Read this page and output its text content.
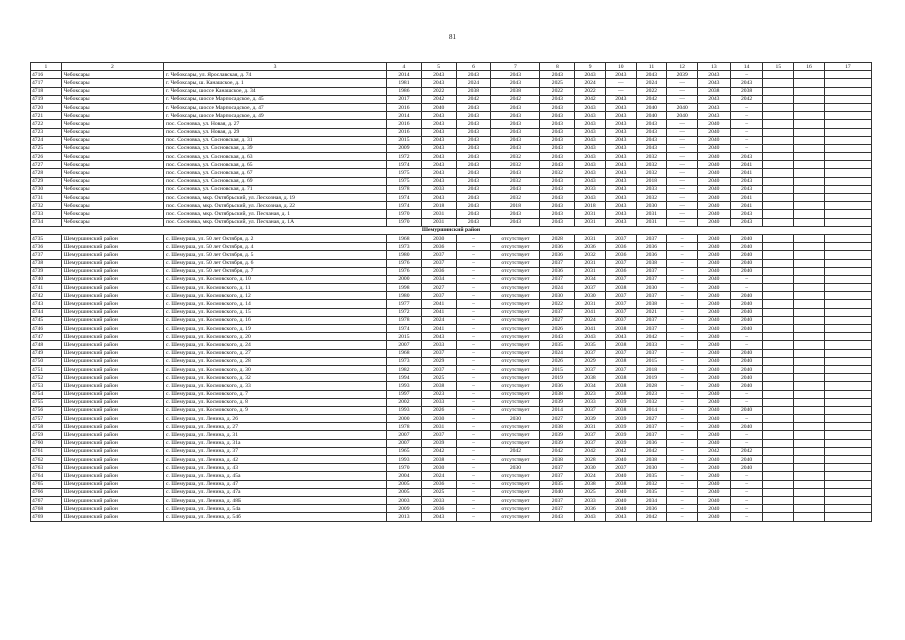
81
1	2	3	4	5	6	7	8	9	10	11	12	13	14	15	16	17
4716	Чебоксары	г. Чебоксары, ул. Ярославская, д. 74	2014	2043	2043	2043	2043	2043	2043	2043	2039	2043	–			
4717	Чебоксары	г. Чебоксары, ш. Канашское, д. 1	1981	2043	2024	2043	2025	2024	—	2024	—	2043	2043			
4718	Чебоксары	г. Чебоксары, шоссе Канашское, д. 34	1986	2022	2038	2038	2022	2022	—	2022	—	2038	2038			
4719	Чебоксары	г. Чебоксары, шоссе Марпосадское, д. 45	2017	2042	2042	2042	2043	2042	2043	2042	—	2043	2042			
4720	Чебоксары	г. Чебоксары, шоссе Марпосадское, д. 47	2016	2040	2043	2043	2043	2043	2043	2040	2040	2043	–			
4721	Чебоксары	г. Чебоксары, шоссе Марпосадское, д. 49	2014	2043	2043	2043	2043	2043	2043	2040	2040	2043	–			
4722	Чебоксары	пос. Сосновка, ул. Новая, д. 27	2016	2043	2043	2043	2043	2043	2043	2043	—	2040	–			
4723	Чебоксары	пос. Сосновка, ул. Новая, д. 29	2016	2043	2043	2043	2043	2043	2043	2043	—	2040	–			
4724	Чебоксары	пос. Сосновка, ул. Сосновская, д. 31	2015	2043	2043	2043	2043	2043	2043	2043	—	2040	–			
4725	Чебоксары	пос. Сосновка, ул. Сосновская, д. 39	2009	2043	2043	2043	2043	2043	2043	2043	—	2040	–			
4726	Чебоксары	пос. Сосновка, ул. Сосновская, д. 63	1972	2043	2043	2032	2043	2043	2043	2032	—	2040	2043			
4727	Чебоксары	пос. Сосновка, ул. Сосновская, д. 65	1974	2043	2043	2032	2043	2043	2043	2032	—	2040	2041			
4728	Чебоксары	пос. Сосновка, ул. Сосновская, д. 67	1975	2043	2043	2043	2032	2043	2043	2032	—	2040	2041			
4729	Чебоксары	пос. Сосновка, ул. Сосновская, д. 69	1975	2043	2043	2032	2043	2043	2043	2018	—	2040	2043			
4730	Чебоксары	пос. Сосновка, ул. Сосновская, д. 71	1978	2033	2043	2043	2043	2033	2043	2033	—	2040	2043			
4731	Чебоксары	пос. Сосновка, мкр. Октябрьский, ул. Лесхозная, д. 19	1974	2043	2043	2032	2043	2043	2043	2032	—	2040	2041			
4732	Чебоксары	пос. Сосновка, мкр. Октябрьский, ул. Лесхозная, д. 22	1974	2018	2043	2018	2043	2018	2043	2030	—	2040	2041			
4733	Чебоксары	пос. Сосновка, мкр. Октябрьский, ул. Песчаная, д. 1	1970	2031	2043	2043	2043	2031	2043	2031	—	2040	2043			
4734	Чебоксары	пос. Сосновка, мкр. Октябрьский, ул. Песчаная, д. 1А	1970	2031	2043	2043	2043	2031	2043	2031	—	2040	2043			
Шемуршинский район																
4735	Шемуршинский район	с. Шемурша, ул. 50 лет Октября, д. 2	1968	2030	–	отсутствует	2028	2031	2037	2037	–	2040	2040			
4736	Шемуршинский район	с. Шемурша, ул. 50 лет Октября, д. 4	1973	2036	–	отсутствует	2036	2036	2036	2036	–	2040	2040			
4737	Шемуршинский район	с. Шемурша, ул. 50 лет Октября, д. 5	1980	2037	–	отсутствует	2036	2032	2036	2036	–	2040	2040			
4738	Шемуршинский район	с. Шемурша, ул. 50 лет Октября, д. 6	1976	2037	–	отсутствует	2037	2031	2037	2038	–	2040	2040			
4739	Шемуршинский район	с. Шемурша, ул. 50 лет Октября, д. 7	1976	2036	–	отсутствует	2036	2031	2036	2037	–	2040	2040			
4740	Шемуршинский район	с. Шемурша, ул. Космовского, д. 10	2000	2034	–	отсутствует	2037	2034	2037	2037	–	2040	–			
4741	Шемуршинский район	с. Шемурша, ул. Космовского, д. 11	1998	2027	–	отсутствует	2024	2037	2038	2030	–	2040	–			
4742	Шемуршинский район	с. Шемурша, ул. Космовского, д. 12	1980	2037	–	отсутствует	2030	2030	2037	2037	–	2040	2040			
4743	Шемуршинский район	с. Шемурша, ул. Космовского, д. 14	1977	2041	–	отсутствует	2022	2031	2037	2038	–	2040	2040			
4744	Шемуршинский район	с. Шемурша, ул. Космовского, д. 15	1972	2041	–	отсутствует	2037	2041	2037	2021	–	2040	2040			
4745	Шемуршинский район	с. Шемурша, ул. Космовского, д. 16	1978	2024	–	отсутствует	2027	2024	2037	2037	–	2040	2040			
4746	Шемуршинский район	с. Шемурша, ул. Космовского, д. 19	1974	2041	–	отсутствует	2026	2041	2038	2037	–	2040	2040			
4747	Шемуршинский район	с. Шемурша, ул. Космовского, д. 20	2015	2043	–	отсутствует	2043	2043	2043	2042	–	2040	–			
4748	Шемуршинский район	с. Шемурша, ул. Космовского, д. 24	2007	2033	–	отсутствует	2035	2035	2038	2033	–	2040	–			
4749	Шемуршинский район	с. Шемурша, ул. Космовского, д. 27	1968	2037	–	отсутствует	2024	2037	2037	2037	–	2040	2040			
4750	Шемуршинский район	с. Шемурша, ул. Космовского, д. 28	1973	2029	–	отсутствует	2026	2029	2038	2015	–	2040	2040			
4751	Шемуршинский район	с. Шемурша, ул. Космовского, д. 30	1982	2037	–	отсутствует	2015	2037	2037	2018	–	2040	2040			
4752	Шемуршинский район	с. Шемурша, ул. Космовского, д. 32	1994	2025	–	отсутствует	2019	2038	2038	2019	–	2040	2040			
4753	Шемуршинский район	с. Шемурша, ул. Космовского, д. 33	1993	2038	–	отсутствует	2036	2034	2038	2028	–	2040	2040			
4754	Шемуршинский район	с. Шемурша, ул. Космовского, д. 7	1997	2023	–	отсутствует	2038	2023	2038	2023	–	2040	–			
4755	Шемуршинский район	с. Шемурша, ул. Космовского, д. 8	2002	2033	–	отсутствует	2039	2033	2039	2032	–	2040	–			
4756	Шемуршинский район	с. Шемурша, ул. Космовского, д. 9	1993	2026	–	отсутствует	2014	2037	2038	2014	–	2040	2040			
4757	Шемуршинский район	с. Шемурша, ул. Ленина, д. 26	2000	2030	–	2030	2027	2039	2039	2027	–	2040	–			
4758	Шемуршинский район	с. Шемурша, ул. Ленина, д. 27	1978	2031	–	отсутствует	2038	2031	2039	2037	–	2040	2040			
4759	Шемуршинский район	с. Шемурша, ул. Ленина, д. 31	2007	2037	–	отсутствует	2039	2037	2039	2037	–	2040	–			
4760	Шемуршинский район	с. Шемурша, ул. Ленина, д. 31а	2007	2039	–	отсутствует	2039	2037	2039	2036	–	2040	–			
4761	Шемуршинский район	с. Шемурша, ул. Ленина, д. 37	1965	2042	–	2042	2042	2042	2042	2042	–	2042	2042			
4762	Шемуршинский район	с. Шемурша, ул. Ленина, д. 42	1993	2038	–	отсутствует	2038	2028	2040	2038	–	2040	2040			
4763	Шемуршинский район	с. Шемурша, ул. Ленина, д. 43	1970	2030	–	2030	2037	2030	2037	2030	–	2040	2040			
4764	Шемуршинский район	с. Шемурша, ул. Ленина, д. 45а	2004	2024	–	отсутствует	2037	2024	2040	2035	–	2040	–			
4765	Шемуршинский район	с. Шемурша, ул. Ленина, д. 47	2005	2036	–	отсутствует	2035	2038	2038	2032	–	2040	–			
4766	Шемуршинский район	с. Шемурша, ул. Ленина, д. 47а	2005	2025	–	отсутствует	2040	2025	2040	2035	–	2040	–			
4767	Шемуршинский район	с. Шемурша, ул. Ленина, д. 48Б	2003	2033	–	отсутствует	2037	2033	2040	2034	–	2040	–			
4768	Шемуршинский район	с. Шемурша, ул. Ленина, д. 54а	2009	2036	–	отсутствует	2037	2036	2040	2036	–	2040	–			
4769	Шемуршинский район	с. Шемурша, ул. Ленина, д. 54б	2013	2043	–	отсутствует	2043	2043	2043	2042	–	2040	–			
